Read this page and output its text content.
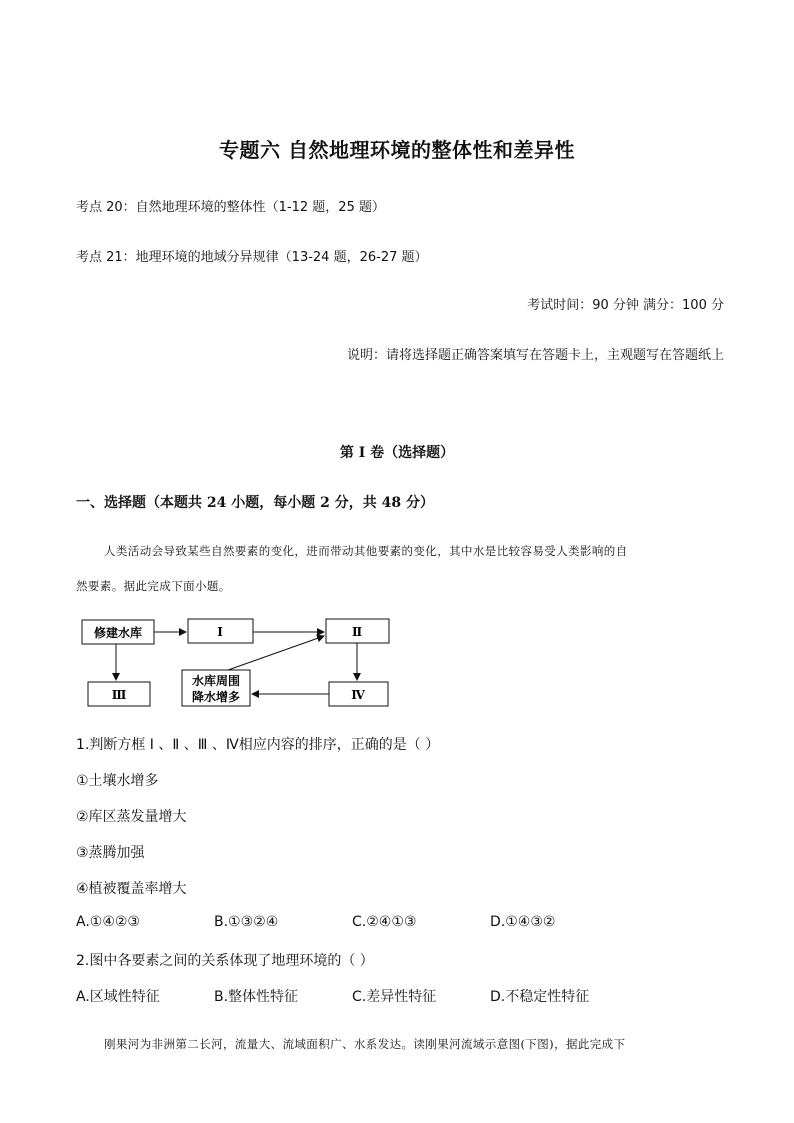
专题六 自然地理环境的整体性和差异性
考点 20：自然地理环境的整体性（1-12 题，25 题）
考点 21：地理环境的地域分异规律（13-24 题，26-27 题）
考试时间：90 分钟 满分：100 分
说明：请将选择题正确答案填写在答题卡上，主观题写在答题纸上
第 I 卷（选择题）
一、选择题（本题共 24 小题，每小题 2 分，共 48 分）
人类活动会导致某些自然要素的变化，进而带动其他要素的变化，其中水是比较容易受人类影响的自
然要素。据此完成下面小题。
修建水库	Ⅰ	Ⅱ
Ⅲ
水库周围
降水增多	Ⅳ
1.判断方框 Ⅰ 、Ⅱ 、Ⅲ 、Ⅳ相应内容的排序，正确的是（ ）
①土壤水增多
②库区蒸发量增大
③蒸腾加强
④植被覆盖率增大
A.①④②③	B.①③②④	C.②④①③	D.①④③②
2.图中各要素之间的关系体现了地理环境的（ ）
A.区域性特征	B.整体性特征	C.差异性特征	D.不稳定性特征
刚果河为非洲第二长河，流量大、流域面积广、水系发达。读刚果河流域示意图(下图)，据此完成下
